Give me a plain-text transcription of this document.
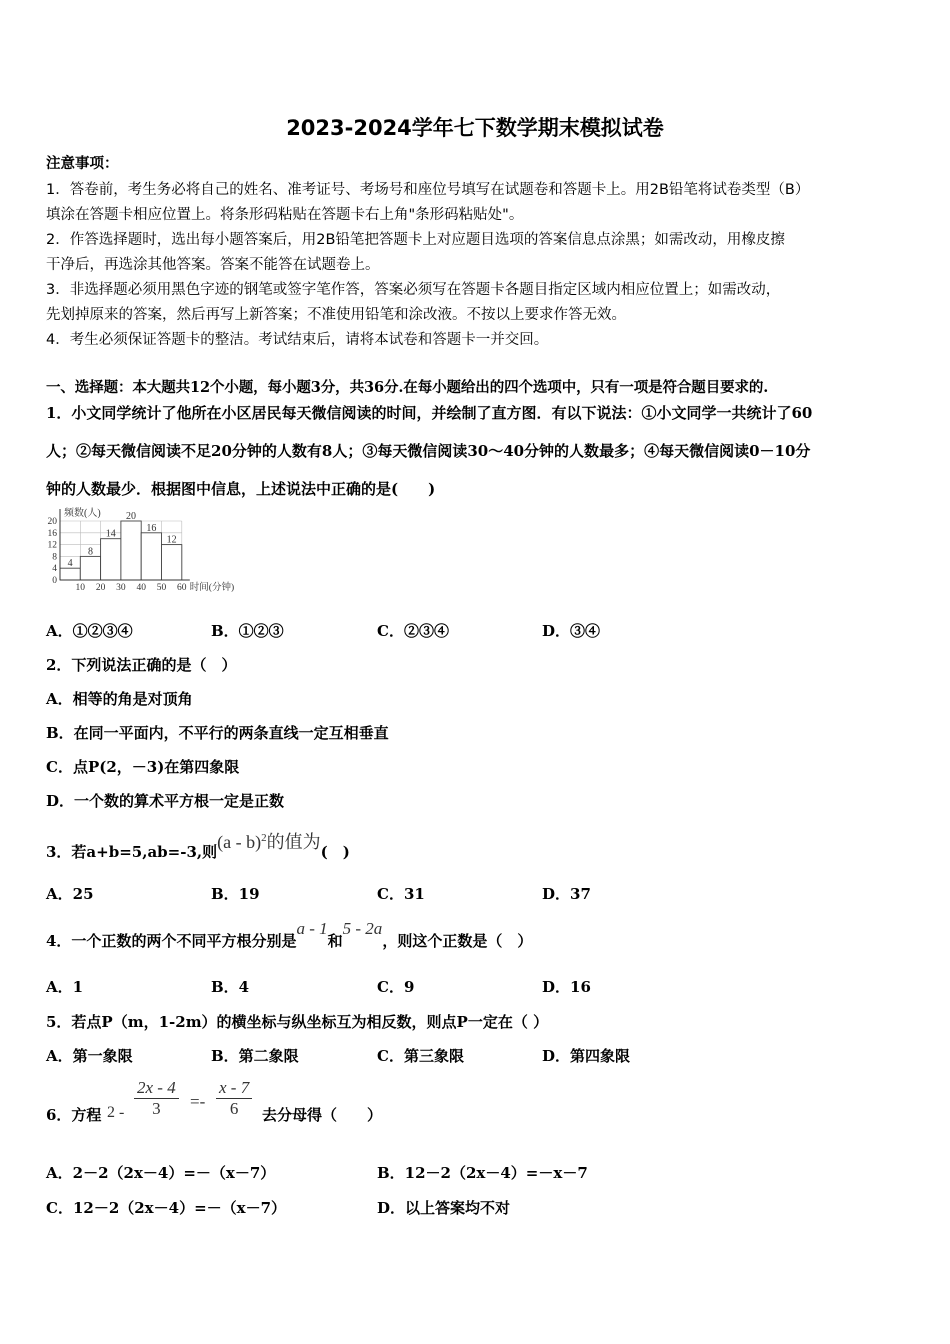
2023-2024学年七下数学期末模拟试卷
注意事项：
1．答卷前，考生务必将自己的姓名、准考证号、考场号和座位号填写在试题卷和答题卡上。用2B铅笔将试卷类型（B）
填涂在答题卡相应位置上。将条形码粘贴在答题卡右上角"条形码粘贴处"。
2．作答选择题时，选出每小题答案后，用2B铅笔把答题卡上对应题目选项的答案信息点涂黑；如需改动，用橡皮擦
干净后，再选涂其他答案。答案不能答在试题卷上。
3．非选择题必须用黑色字迹的钢笔或签字笔作答，答案必须写在答题卡各题目指定区域内相应位置上；如需改动，
先划掉原来的答案，然后再写上新答案；不准使用铅笔和涂改液。不按以上要求作答无效。
4．考生必须保证答题卡的整洁。考试结束后，请将本试卷和答题卡一并交回。
一、选择题：本大题共12个小题，每小题3分，共36分.在每小题给出的四个选项中，只有一项是符合题目要求的.
1．小文同学统计了他所在小区居民每天微信阅读的时间，并绘制了直方图．有以下说法：①小文同学一共统计了60
人；②每天微信阅读不足20分钟的人数有8人；③每天微信阅读30～40分钟的人数最多；④每天微信阅读0－10分
钟的人数最少．根据图中信息，上述说法中正确的是(　　)
4
8
14
20
16
12
0
4
8
12
16
20
10 20 30 40 50 60
频数(人)
时间(分钟)
A．①②③④	B．①②③	C．②③④	D．③④
2．下列说法正确的是（　）
A．相等的角是对顶角
B．在同一平面内，不平行的两条直线一定互相垂直
C．点P(2，－3)在第四象限
D．一个数的算术平方根一定是正数
3．若a+b=5,ab=-3,则(a - b)$^2$的值为(　)
A．25	B．19	C．31	D．37
4．一个正数的两个不同平方根分别是a - 1和5 - 2a，则这个正数是（　）
A．1	B．4	C．9	D．16
5．若点P（m，1-2m）的横坐标与纵坐标互为相反数，则点P一定在（ ）
A．第一象限	B．第二象限	C．第三象限	D．第四象限
6．方程 $2 - \frac{2x - 4}{3} =- \frac{x - 7}{6}$ 去分母得（　　）
A．2－2（2x－4）=－（x－7）	B．12－2（2x－4）=－x－7
C．12－2（2x－4）=－（x－7）	D．以上答案均不对
